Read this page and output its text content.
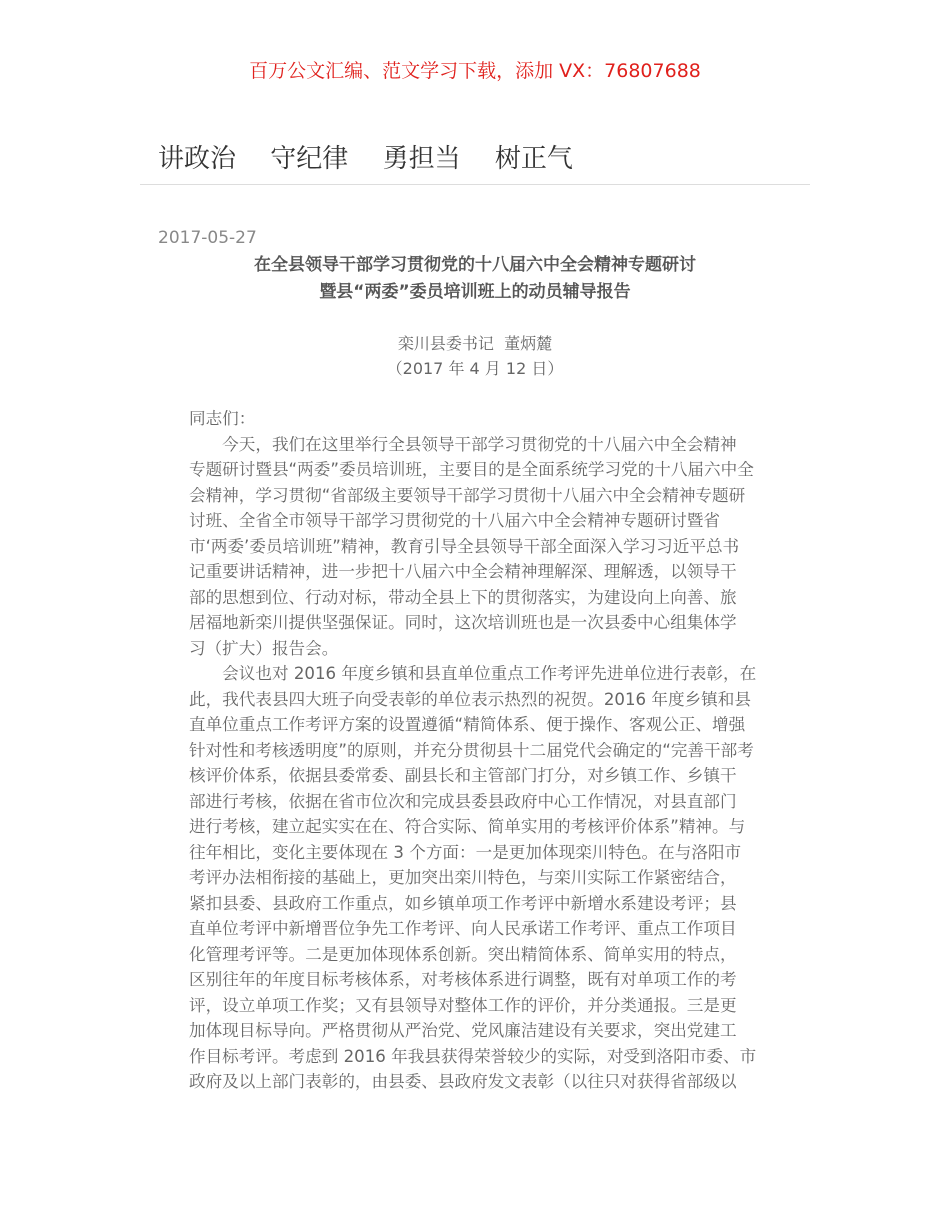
百万公文汇编、范文学习下载，添加 VX：76807688
讲政治 守纪律 勇担当 树正气
2017-05-27
在全县领导干部学习贯彻党的十八届六中全会精神专题研讨
暨县“两委”委员培训班上的动员辅导报告
栾川县委书记  董炳麓
（2017 年 4 月 12 日）
同志们：
　　今天，我们在这里举行全县领导干部学习贯彻党的十八届六中全会精神
专题研讨暨县“两委”委员培训班，主要目的是全面系统学习党的十八届六中全
会精神，学习贯彻“省部级主要领导干部学习贯彻十八届六中全会精神专题研
讨班、全省全市领导干部学习贯彻党的十八届六中全会精神专题研讨暨省
市‘两委’委员培训班”精神，教育引导全县领导干部全面深入学习习近平总书
记重要讲话精神，进一步把十八届六中全会精神理解深、理解透，以领导干
部的思想到位、行动对标，带动全县上下的贯彻落实，为建设向上向善、旅
居福地新栾川提供坚强保证。同时，这次培训班也是一次县委中心组集体学
习（扩大）报告会。
　　会议也对 2016 年度乡镇和县直单位重点工作考评先进单位进行表彰，在
此，我代表县四大班子向受表彰的单位表示热烈的祝贺。2016 年度乡镇和县
直单位重点工作考评方案的设置遵循“精简体系、便于操作、客观公正、增强
针对性和考核透明度”的原则，并充分贯彻县十二届党代会确定的“完善干部考
核评价体系，依据县委常委、副县长和主管部门打分，对乡镇工作、乡镇干
部进行考核，依据在省市位次和完成县委县政府中心工作情况，对县直部门
进行考核，建立起实实在在、符合实际、简单实用的考核评价体系”精神。与
往年相比，变化主要体现在 3 个方面：一是更加体现栾川特色。在与洛阳市
考评办法相衔接的基础上，更加突出栾川特色，与栾川实际工作紧密结合，
紧扣县委、县政府工作重点，如乡镇单项工作考评中新增水系建设考评；县
直单位考评中新增晋位争先工作考评、向人民承诺工作考评、重点工作项目
化管理考评等。二是更加体现体系创新。突出精简体系、简单实用的特点，
区别往年的年度目标考核体系，对考核体系进行调整，既有对单项工作的考
评，设立单项工作奖；又有县领导对整体工作的评价，并分类通报。三是更
加体现目标导向。严格贯彻从严治党、党风廉洁建设有关要求，突出党建工
作目标考评。考虑到 2016 年我县获得荣誉较少的实际，对受到洛阳市委、市
政府及以上部门表彰的，由县委、县政府发文表彰（以往只对获得省部级以
